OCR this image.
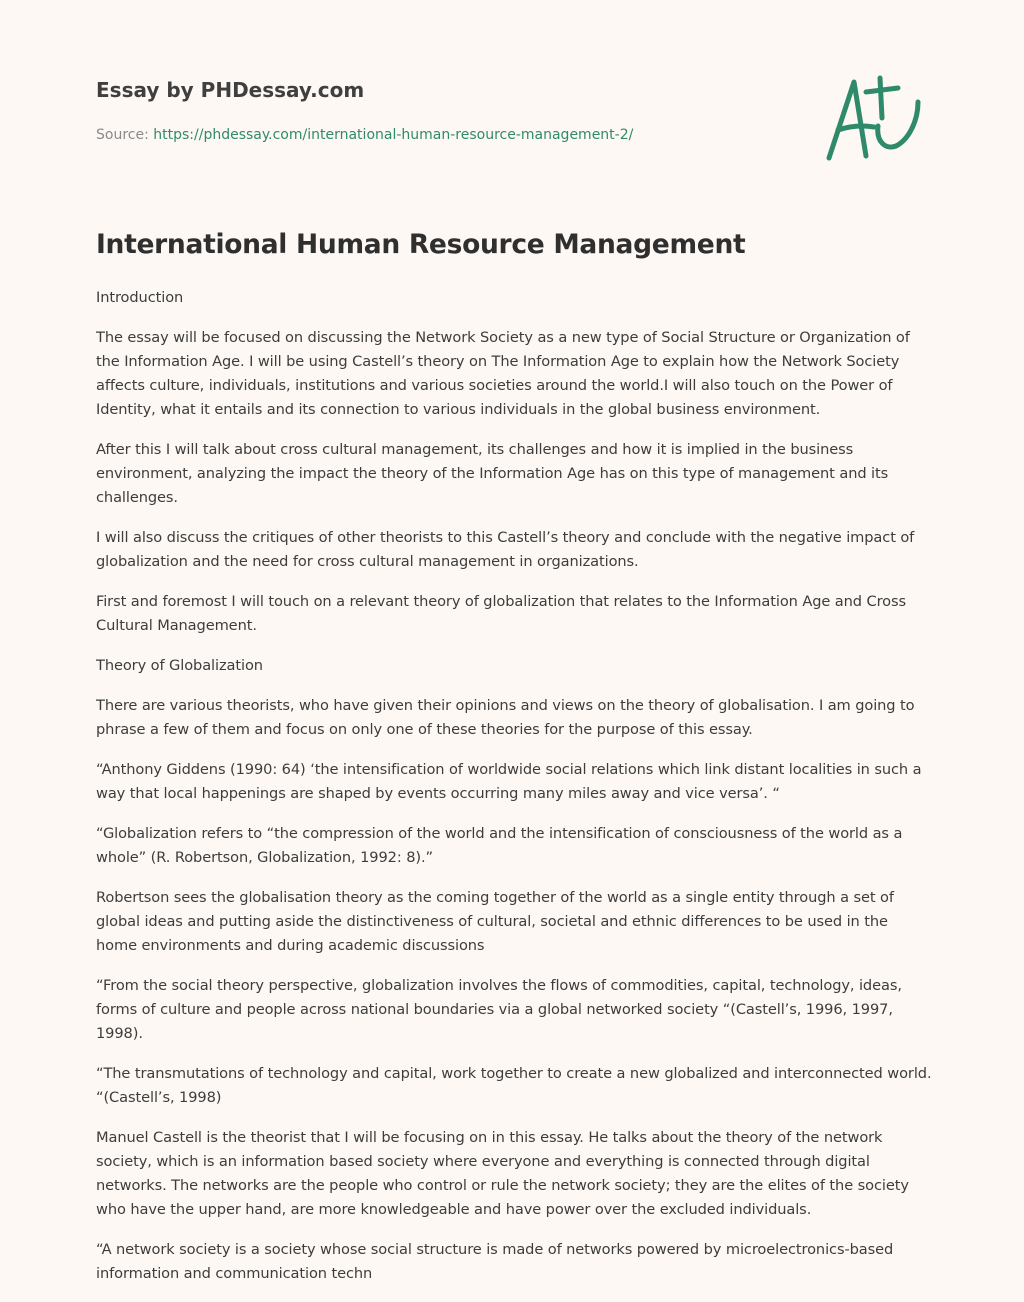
Essay by PHDessay.com

Source: https://phdessay.com/international-human-resource-management-2/
International Human Resource Management

Introduction

The essay will be focused on discussing the Network Society as a new type of Social Structure or Organization of the Information Age. I will be using Castell’s theory on The Information Age to explain how the Network Society affects culture, individuals, institutions and various societies around the world.I will also touch on the Power of Identity, what it entails and its connection to various individuals in the global business environment.

After this I will talk about cross cultural management, its challenges and how it is implied in the business environment, analyzing the impact the theory of the Information Age has on this type of management and its challenges.

I will also discuss the critiques of other theorists to this Castell’s theory and conclude with the negative impact of globalization and the need for cross cultural management in organizations.

First and foremost I will touch on a relevant theory of globalization that relates to the Information Age and Cross Cultural Management.

Theory of Globalization

There are various theorists, who have given their opinions and views on the theory of globalisation. I am going to phrase a few of them and focus on only one of these theories for the purpose of this essay.

“Anthony Giddens (1990: 64) ‘the intensification of worldwide social relations which link distant localities in such a way that local happenings are shaped by events occurring many miles away and vice versa’. “

“Globalization refers to “the compression of the world and the intensification of consciousness of the world as a whole” (R. Robertson, Globalization, 1992: 8).”

Robertson sees the globalisation theory as the coming together of the world as a single entity through a set of global ideas and putting aside the distinctiveness of cultural, societal and ethnic differences to be used in the home environments and during academic discussions

“From the social theory perspective, globalization involves the flows of commodities, capital, technology, ideas, forms of culture and people across national boundaries via a global networked society “(Castell’s, 1996, 1997, 1998).

“The transmutations of technology and capital, work together to create a new globalized and interconnected world. “(Castell’s, 1998)

Manuel Castell is the theorist that I will be focusing on in this essay. He talks about the theory of the network society, which is an information based society where everyone and everything is connected through digital networks. The networks are the people who control or rule the network society; they are the elites of the society who have the upper hand, are more knowledgeable and have power over the excluded individuals.

“A network society is a society whose social structure is made of networks powered by microelectronics-based information and communication techn
